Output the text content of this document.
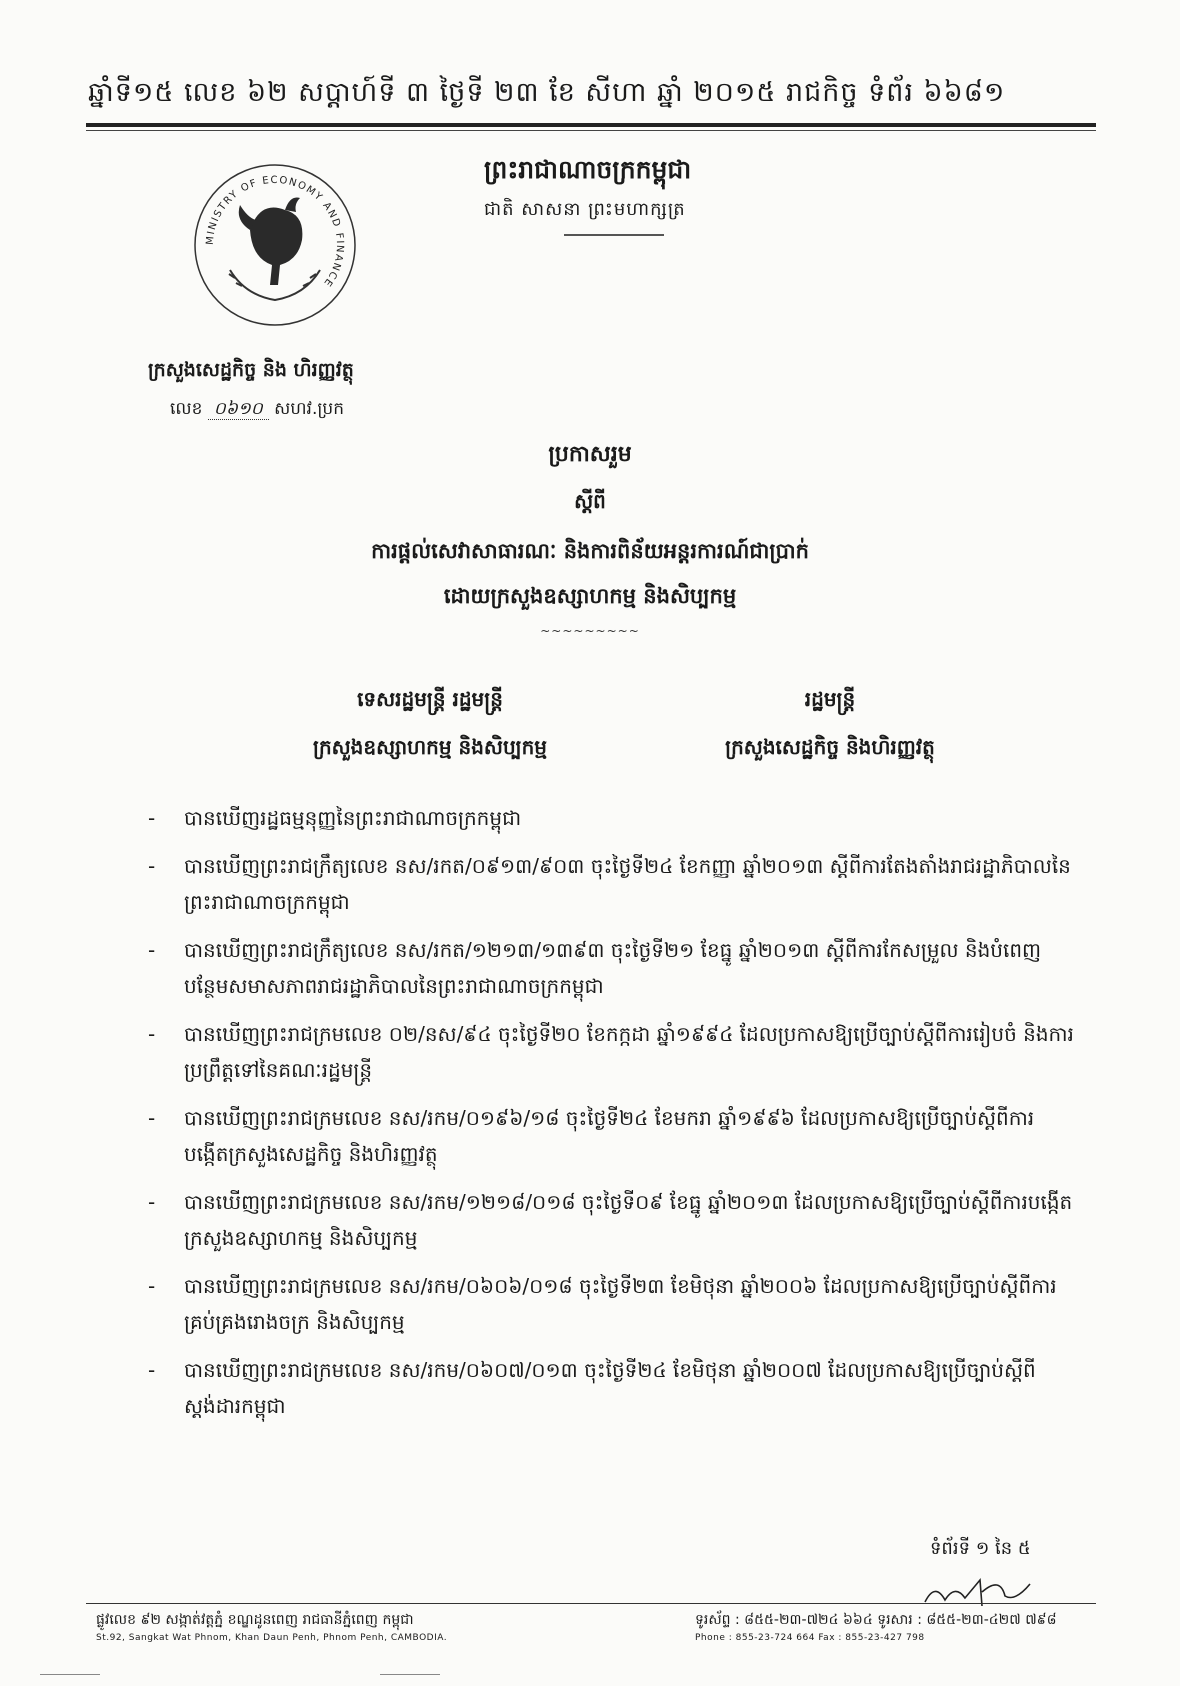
ឆ្នាំទី១៥ លេខ ៦២ សប្តាហ៍ទី ៣ ថ្ងៃទី ២៣ ខែ សីហា ឆ្នាំ ២០១៥ រាជកិច្ច ទំព័រ ៦៦៨១
MINISTRY OF ECONOMY AND FINANCE
ព្រះរាជាណាចក្រកម្ពុជា
ជាតិ សាសនា ព្រះមហាក្សត្រ
ក្រសួងសេដ្ឋកិច្ច និង ហិរញ្ញវត្ថុ
លេខ ០៦១០ សហវ.ប្រក
ប្រកាសរួម
ស្តីពី
ការផ្តល់សេវាសាធារណៈ និងការពិន័យអន្តរការណ៍ជាប្រាក់
ដោយក្រសួងឧស្សាហកម្ម និងសិប្បកម្ម
~~~~~~~~~
ទេសរដ្ឋមន្ត្រី រដ្ឋមន្ត្រី
ក្រសួងឧស្សាហកម្ម និងសិប្បកម្ម
រដ្ឋមន្ត្រី
ក្រសួងសេដ្ឋកិច្ច និងហិរញ្ញវត្ថុ
- បានឃើញរដ្ឋធម្មនុញ្ញនៃព្រះរាជាណាចក្រកម្ពុជា
- បានឃើញព្រះរាជក្រឹត្យលេខ នស/រកត/០៩១៣/៩០៣ ចុះថ្ងៃទី២៤ ខែកញ្ញា ឆ្នាំ២០១៣ ស្តីពីការតែងតាំងរាជរដ្ឋាភិបាលនៃព្រះរាជាណាចក្រកម្ពុជា
- បានឃើញព្រះរាជក្រឹត្យលេខ នស/រកត/១២១៣/១៣៩៣ ចុះថ្ងៃទី២១ ខែធ្នូ ឆ្នាំ២០១៣ ស្តីពីការកែសម្រួល និងបំពេញបន្ថែមសមាសភាពរាជរដ្ឋាភិបាលនៃព្រះរាជាណាចក្រកម្ពុជា
- បានឃើញព្រះរាជក្រមលេខ ០២/នស/៩៤ ចុះថ្ងៃទី២០ ខែកក្កដា ឆ្នាំ១៩៩៤ ដែលប្រកាសឱ្យប្រើច្បាប់ស្តីពីការរៀបចំ និងការប្រព្រឹត្តទៅនៃគណៈរដ្ឋមន្ត្រី
- បានឃើញព្រះរាជក្រមលេខ នស/រកម/០១៩៦/១៨ ចុះថ្ងៃទី២៤ ខែមករា ឆ្នាំ១៩៩៦ ដែលប្រកាសឱ្យប្រើច្បាប់ស្តីពីការបង្កើតក្រសួងសេដ្ឋកិច្ច និងហិរញ្ញវត្ថុ
- បានឃើញព្រះរាជក្រមលេខ នស/រកម/១២១៨/០១៨ ចុះថ្ងៃទី០៩ ខែធ្នូ ឆ្នាំ២០១៣ ដែលប្រកាសឱ្យប្រើច្បាប់ស្តីពីការបង្កើតក្រសួងឧស្សាហកម្ម និងសិប្បកម្ម
- បានឃើញព្រះរាជក្រមលេខ នស/រកម/០៦០៦/០១៨ ចុះថ្ងៃទី២៣ ខែមិថុនា ឆ្នាំ២០០៦ ដែលប្រកាសឱ្យប្រើច្បាប់ស្តីពីការគ្រប់គ្រងរោងចក្រ និងសិប្បកម្ម
- បានឃើញព្រះរាជក្រមលេខ នស/រកម/០៦០៧/០១៣ ចុះថ្ងៃទី២៤ ខែមិថុនា ឆ្នាំ២០០៧ ដែលប្រកាសឱ្យប្រើច្បាប់ស្តីពីស្តង់ដារកម្ពុជា
ទំព័រទី ១ នៃ ៥
ផ្លូវលេខ ៩២ សង្កាត់វត្តភ្នំ ខណ្ឌដូនពេញ រាជធានីភ្នំពេញ កម្ពុជា
St.92, Sangkat Wat Phnom, Khan Daun Penh, Phnom Penh, CAMBODIA.
ទូរស័ព្ទ : ៨៥៥-២៣-៧២៤ ៦៦៤ ទូរសារ : ៨៥៥-២៣-៤២៧ ៧៩៨
Phone : 855-23-724 664 Fax : 855-23-427 798
